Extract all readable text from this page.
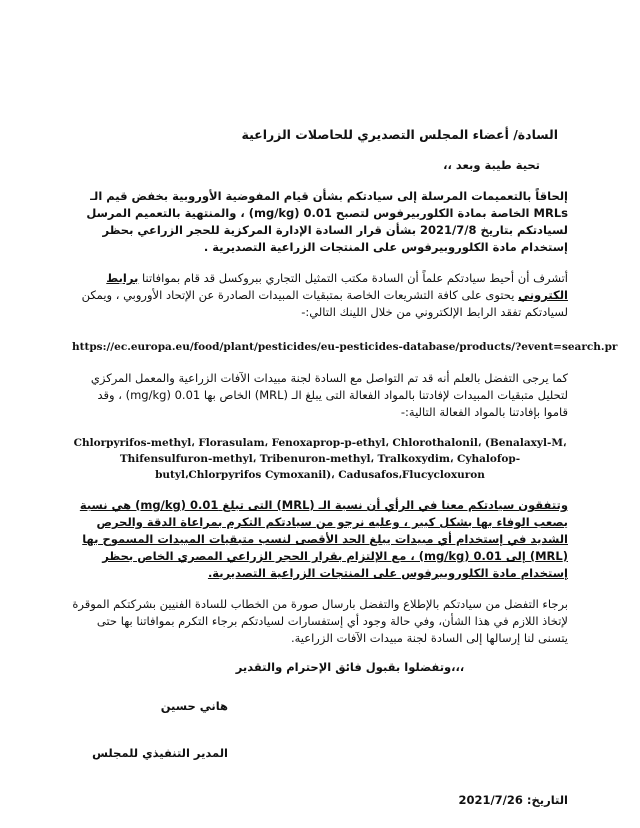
السادة/ أعضاء المجلس التصديري للحاصلات الزراعية

تحية طيبة وبعد ،،

إلحاقاً بالتعميمات المرسلة إلى سيادتكم بشأن قيام المفوضية الأوروبية بخفض قيم الـ MRLs الخاصة بمادة الكلوربيرفوس لتصبح 0.01 (mg/kg) ، والمنتهية بالتعميم المرسل لسيادتكم بتاريخ 2021/7/8 بشأن قرار السادة الإدارة المركزية للحجر الزراعي بحظر إستخدام مادة الكلوروبيرفوس على المنتجات الزراعية التصديرية .

أتشرف أن أحيط سيادتكم علماً أن السادة مكتب التمثيل التجاري ببروكسل قد قام بموافاتنا برابط الكتروني يحتوى على كافة التشريعات الخاصة بمتبقيات المبيدات الصادرة عن الإتحاد الأوروبي ، ويمكن لسيادتكم تفقد الرابط الإلكتروني من خلال اللينك التالي:-

https://ec.europa.eu/food/plant/pesticides/eu-pesticides-database/products/?event=search.pr

كما يرجى التفضل بالعلم أنه قد تم التواصل مع السادة لجنة مبيدات الآفات الزراعية والمعمل المركزي لتحليل متبقيات المبيدات لإفادتنا بالمواد الفعالة التى يبلغ الـ (MRL) الخاص بها 0.01 (mg/kg) ، وقد قاموا بإفادتنا بالمواد الفعالة التالية:-

Chlorpyrifos-methyl، Florasulam، Fenoxaprop-p-ethyl، Chlorothalonil، (Benalaxyl-M، Thifensulfuron-methyl، Tribenuron-methyl، Tralkoxydim، Cyhalofop-butyl،Chlorpyrifos Cymoxanil)، Cadusafos،Flucycloxuron

وتتفقون سيادتكم معنا في الرأي أن نسبة الـ (MRL) التى تبلغ 0.01 (mg/kg) هي نسبة يصعب الوفاء بها بشكل كبير ، وعليه نرجو من سيادتكم التكرم بمراعاة الدقة والحرص الشديد في إستخدام أي مبيدات يبلغ الحد الأقصى لنسب متبقيات المبيدات المسموح بها (MRL) إلى 0.01 (mg/kg) ، مع الإلتزام بقرار الحجر الزراعي المصري الخاص بحظر إستخدام مادة الكلوروبيرفوس على المنتجات الزراعية التصديرية.

برجاء التفضل من سيادتكم بالإطلاع والتفضل بارسال صورة من الخطاب للسادة الفنيين بشركتكم الموقرة لإتخاذ اللازم في هذا الشأن، وفي حالة وجود أي إستفسارات لسيادتكم برجاء التكرم بموافاتنا بها حتى يتسنى لنا إرسالها إلى السادة لجنة مبيدات الآفات الزراعية.

وتفضلوا بقبول فائق الإحترام والتقدير،،،

هاني حسين

المدير التنفيذي للمجلس

التاريخ: 2021/7/26
